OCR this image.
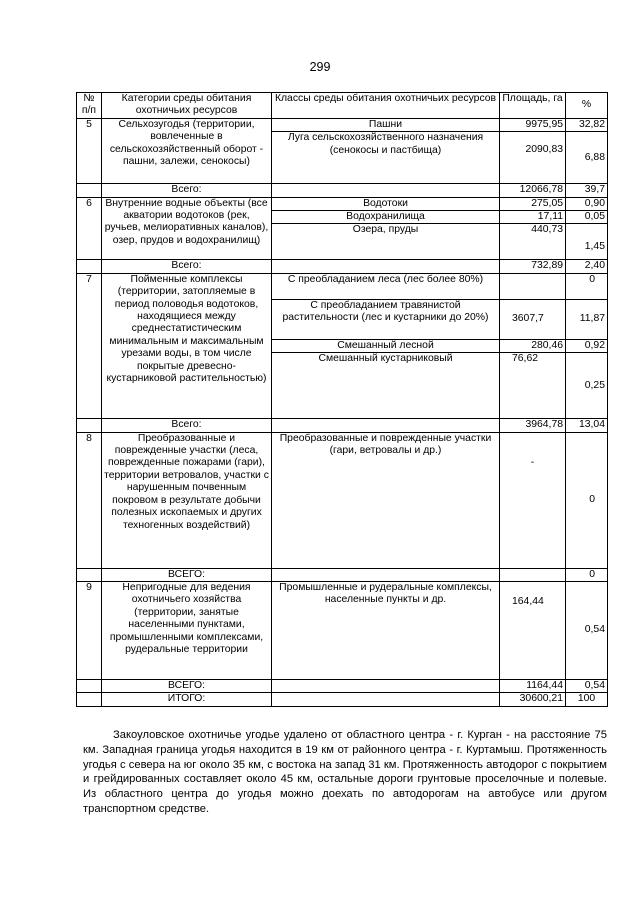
299
№ п/п	Категории среды обитания охотничьих ресурсов	Классы среды обитания охотничьих ресурсов	Площадь, га	%
5	Сельхозугодья (территории, вовлеченные в сельскохозяйственный оборот - пашни, залежи, сенокосы)	Пашни	9975,95	32,82
		Луга сельскохозяйственного назначения (сенокосы и пастбища)	2090,83	6,88
	Всего:		12066,78	39,7
6	Внутренние водные объекты (все акватории водотоков (рек, ручьев, мелиоративных каналов), озер, прудов и водохранилищ)	Водотоки	275,05	0,90
		Водохранилища	17,11	0,05
		Озера, пруды	440,73	1,45
	Всего:		732,89	2,40
7	Пойменные комплексы (территории, затопляемые в период половодья водотоков, находящиеся между среднестатистическим минимальным и максимальным урезами воды, в том числе покрытые древесно-кустарниковой растительностью)	С преобладанием леса (лес более 80%)		0
		С преобладанием травянистой растительности (лес и кустарники до 20%)	3607,7	11,87
		Смешанный лесной	280,46	0,92
		Смешанный кустарниковый	76,62	0,25
	Всего:		3964,78	13,04
8	Преобразованные и поврежденные участки (леса, поврежденные пожарами (гари), территории ветровалов, участки с нарушенным почвенным покровом в результате добычи полезных ископаемых и других техногенных воздействий)	Преобразованные и поврежденные участки (гари, ветровалы и др.)	-	0
	ВСЕГО:			0
9	Непригодные для ведения охотничьего хозяйства (территории, занятые населенными пунктами, промышленными комплексами, рудеральные территории	Промышленные и рудеральные комплексы, населенные пункты и др.	164,44	0,54
	ВСЕГО:		1164,44	0,54
	ИТОГО:		30600,21	100

Закоуловское охотничье угодье удалено от областного центра - г. Курган - на расстояние 75 км. Западная граница угодья находится в 19 км от районного центра - г. Куртамыш. Протяженность угодья с севера на юг около 35 км, с востока на запад 31 км. Протяженность автодорог с покрытием и грейдированных составляет около 45 км, остальные дороги грунтовые проселочные и полевые. Из областного центра до угодья можно доехать по автодорогам на автобусе или другом транспортном средстве.
